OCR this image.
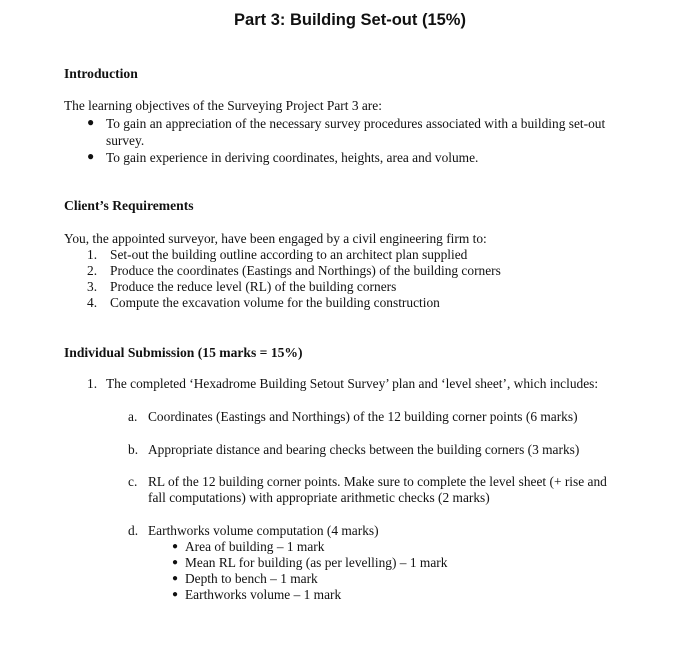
Part 3: Building Set-out (15%)
Introduction
The learning objectives of the Surveying Project Part 3 are:
● To gain an appreciation of the necessary survey procedures associated with a building set-out
survey.
● To gain experience in deriving coordinates, heights, area and volume.
Client’s Requirements
You, the appointed surveyor, have been engaged by a civil engineering firm to:
1. Set-out the building outline according to an architect plan supplied
2. Produce the coordinates (Eastings and Northings) of the building corners
3. Produce the reduce level (RL) of the building corners
4. Compute the excavation volume for the building construction
Individual Submission (15 marks = 15%)
1. The completed ‘Hexadrome Building Setout Survey’ plan and ‘level sheet’, which includes:
a. Coordinates (Eastings and Northings) of the 12 building corner points (6 marks)
b. Appropriate distance and bearing checks between the building corners (3 marks)
c. RL of the 12 building corner points. Make sure to complete the level sheet (+ rise and
fall computations) with appropriate arithmetic checks (2 marks)
d. Earthworks volume computation (4 marks)
● Area of building – 1 mark
● Mean RL for building (as per levelling) – 1 mark
● Depth to bench – 1 mark
● Earthworks volume – 1 mark
